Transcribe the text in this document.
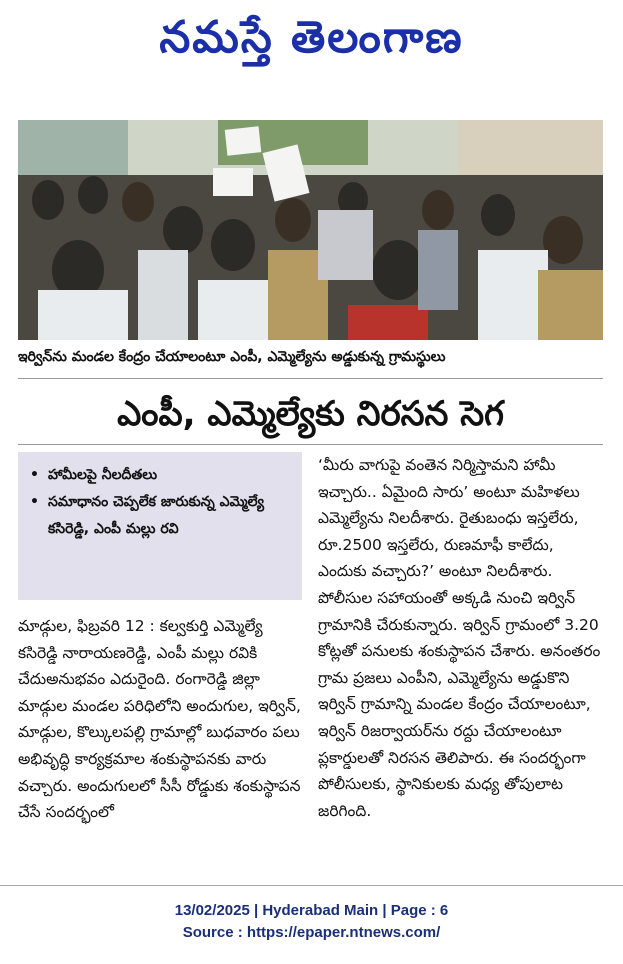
నమస్తే తెలంగాణ
ఇర్విన్‌ను మండల కేంద్రం చేయాలంటూ ఎంపీ, ఎమ్మెల్యేను అడ్డుకున్న గ్రామస్థులు
ఎంపీ, ఎమ్మెల్యేకు నిరసన సెగ
• హామీలపై నీలదీతలు
• సమాధానం చెప్పలేక జారుకున్న ఎమ్మెల్యే కసిరెడ్డి, ఎంపీ మల్లు రవి

మాడ్గుల, ఫిబ్రవరి 12 : కల్వకుర్తి ఎమ్మెల్యే కసిరెడ్డి నారాయణరెడ్డి, ఎంపీ మల్లు రవికి చేదుఅనుభవం ఎదురైంది. రంగారెడ్డి జిల్లా మాడ్గుల మండల పరిధిలోని అందుగుల, ఇర్విన్, మాడ్గుల, కొల్కులపల్లి గ్రామాల్లో బుధవారం పలు అభివృద్ధి కార్యక్రమాల శంకుస్థాపనకు వారు వచ్చారు. అందుగులలో సీసీ రోడ్డుకు శంకుస్థాపన చేసే సందర్భంలో

‘మీరు వాగుపై వంతెన నిర్మిస్తామని హామీ ఇచ్చారు.. ఏమైంది సారు’ అంటూ మహిళలు ఎమ్మెల్యేను నిలదీశారు. రైతుబంధు ఇస్తలేరు, రూ.2500 ఇస్తలేరు, రుణమాఫీ కాలేదు, ఎందుకు వచ్చారు?’ అంటూ నిలదీశారు. పోలీసుల సహాయంతో అక్కడి నుంచి ఇర్విన్ గ్రామానికి చేరుకున్నారు. ఇర్విన్ గ్రామంలో 3.20 కోట్లతో పనులకు శంకుస్థాపన చేశారు. అనంతరం గ్రామ ప్రజలు ఎంపీని, ఎమ్మెల్యేను అడ్డుకొని ఇర్విన్ గ్రామాన్ని మండల కేంద్రం చేయాలంటూ, ఇర్విన్ రిజర్వాయర్‌ను రద్దు చేయాలంటూ ప్లకార్డులతో నిరసన తెలిపారు. ఈ సందర్భంగా పోలీసులకు, స్థానికులకు మధ్య తోపులాట జరిగింది.

13/02/2025 | Hyderabad Main | Page : 6
Source : https://epaper.ntnews.com/
